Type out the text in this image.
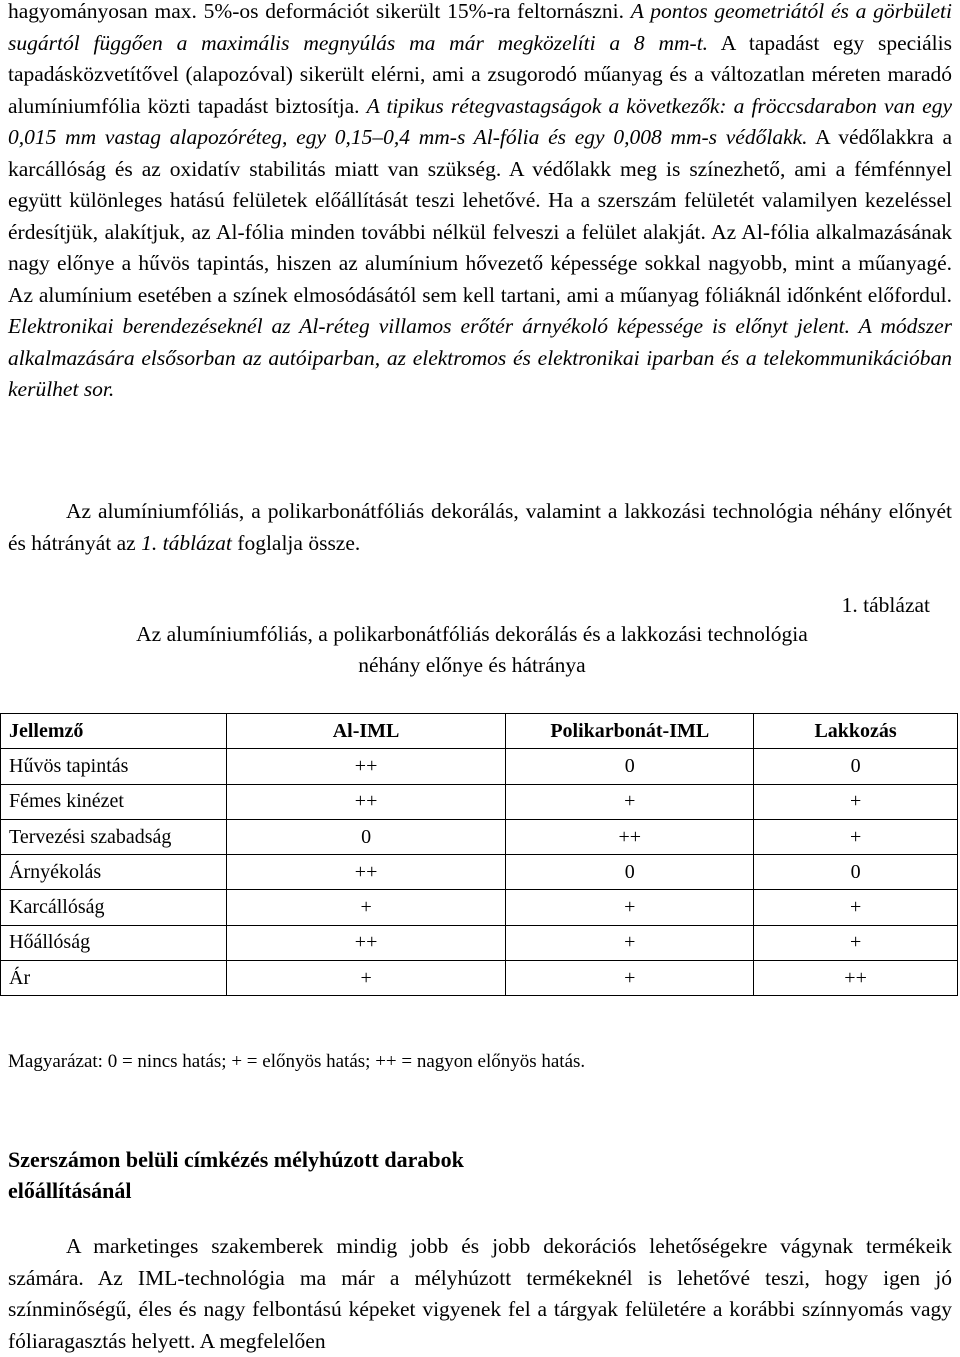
hagyományosan max. 5%-os deformációt sikerült 15%-ra feltornászni. A pontos geometriától és a görbületi sugártól függően a maximális megnyúlás ma már megközelíti a 8 mm-t. A tapadást egy speciális tapadásközvetítővel (alapozóval) sikerült elérni, ami a zsugorodó műanyag és a változatlan méreten maradó alumíniumfólia közti tapadást biztosítja. A tipikus rétegvastagságok a következők: a fröccsdarabon van egy 0,015 mm vastag alapozóréteg, egy 0,15–0,4 mm-s Al-fólia és egy 0,008 mm-s védőlakk. A védőlakkra a karcállóság és az oxidatív stabilitás miatt van szükség. A védőlakk meg is színezhető, ami a fémfénnyel együtt különleges hatású felületek előállítását teszi lehetővé. Ha a szerszám felületét valamilyen kezeléssel érdesítjük, alakítjuk, az Al-fólia minden további nélkül felveszi a felület alakját. Az Al-fólia alkalmazásának nagy előnye a hűvös tapintás, hiszen az alumínium hővezető képessége sokkal nagyobb, mint a műanyagé. Az alumínium esetében a színek elmosódásától sem kell tartani, ami a műanyag fóliáknál időnként előfordul. Elektronikai berendezéseknél az Al-réteg villamos erőtér árnyékoló képessége is előnyt jelent. A módszer alkalmazására elsősorban az autóiparban, az elektromos és elektronikai iparban és a telekommunikációban kerülhet sor.

Az alumíniumfóliás, a polikarbonátfóliás dekorálás, valamint a lakkozási technológia néhány előnyét és hátrányát az 1. táblázat foglalja össze.

1. táblázat

Az alumíniumfóliás, a polikarbonátfóliás dekorálás és a lakkozási technológia
néhány előnye és hátránya
Jellemző	Al-IML	Polikarbonát-IML	Lakkozás
Hűvös tapintás	++	0	0
Fémes kinézet	++	+	+
Tervezési szabadság	0	++	+
Árnyékolás	++	0	0
Karcállóság	+	+	+
Hőállóság	++	+	+
Ár	+	+	++

Magyarázat: 0 = nincs hatás; + = előnyös hatás; ++ = nagyon előnyös hatás.

Szerszámon belüli címkézés mélyhúzott darabok
előállításánál

A marketinges szakemberek mindig jobb és jobb dekorációs lehetőségekre vágynak termékeik számára. Az IML-technológia ma már a mélyhúzott termékeknél is lehetővé teszi, hogy igen jó színminőségű, éles és nagy felbontású képeket vigyenek fel a tárgyak felületére a korábbi színnyomás vagy fóliaragasztás helyett. A megfelelően
